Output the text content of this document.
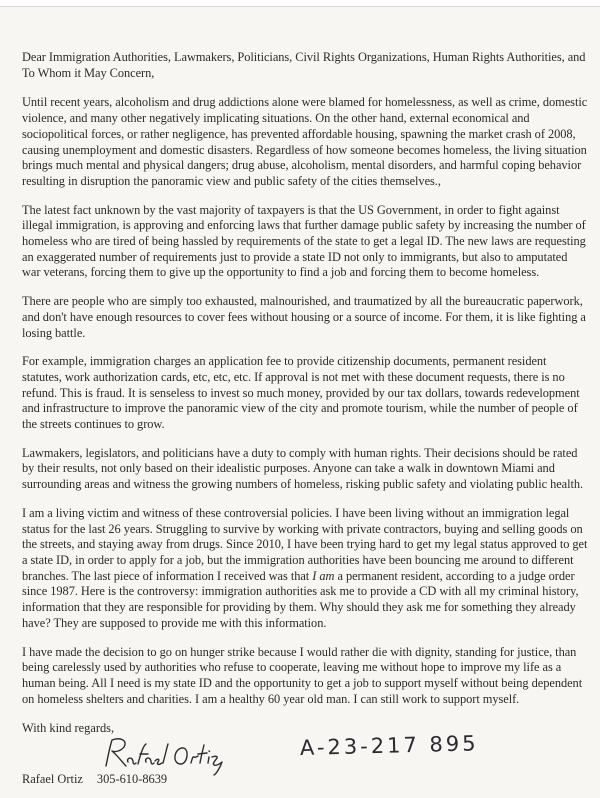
Dear Immigration Authorities, Lawmakers, Politicians, Civil Rights Organizations, Human Rights Authorities, and To Whom it May Concern,

Until recent years, alcoholism and drug addictions alone were blamed for homelessness, as well as crime, domestic violence, and many other negatively implicating situations. On the other hand, external economical and sociopolitical forces, or rather negligence, has prevented affordable housing, spawning the market crash of 2008, causing unemployment and domestic disasters. Regardless of how someone becomes homeless, the living situation brings much mental and physical dangers; drug abuse, alcoholism, mental disorders, and harmful coping behavior resulting in disruption the panoramic view and public safety of the cities themselves.,

The latest fact unknown by the vast majority of taxpayers is that the US Government, in order to fight against illegal immigration, is approving and enforcing laws that further damage public safety by increasing the number of homeless who are tired of being hassled by requirements of the state to get a legal ID. The new laws are requesting an exaggerated number of requirements just to provide a state ID not only to immigrants, but also to amputated war veterans, forcing them to give up the opportunity to find a job and forcing them to become homeless.

There are people who are simply too exhausted, malnourished, and traumatized by all the bureaucratic paperwork, and don't have enough resources to cover fees without housing or a source of income. For them, it is like fighting a losing battle.

For example, immigration charges an application fee to provide citizenship documents, permanent resident statutes, work authorization cards, etc, etc, etc. If approval is not met with these document requests, there is no refund. This is fraud. It is senseless to invest so much money, provided by our tax dollars, towards redevelopment and infrastructure to improve the panoramic view of the city and promote tourism, while the number of people of the streets continues to grow.

Lawmakers, legislators, and politicians have a duty to comply with human rights. Their decisions should be rated by their results, not only based on their idealistic purposes. Anyone can take a walk in downtown Miami and surrounding areas and witness the growing numbers of homeless, risking public safety and violating public health.

I am a living victim and witness of these controversial policies. I have been living without an immigration legal status for the last 26 years. Struggling to survive by working with private contractors, buying and selling goods on the streets, and staying away from drugs. Since 2010, I have been trying hard to get my legal status approved to get a state ID, in order to apply for a job, but the immigration authorities have been bouncing me around to different branches. The last piece of information I received was that I am a permanent resident, according to a judge order since 1987. Here is the controversy: immigration authorities ask me to provide a CD with all my criminal history, information that they are responsible for providing by them. Why should they ask me for something they already have? They are supposed to provide me with this information.

I have made the decision to go on hunger strike because I would rather die with dignity, standing for justice, than being carelessly used by authorities who refuse to cooperate, leaving me without hope to improve my life as a human being. All I need is my state ID and the opportunity to get a job to support myself without being dependent on homeless shelters and charities. I am a healthy 60 year old man. I can still work to support myself.

With kind regards,
A-23-217 895
Rafael Ortiz 305-610-8639
